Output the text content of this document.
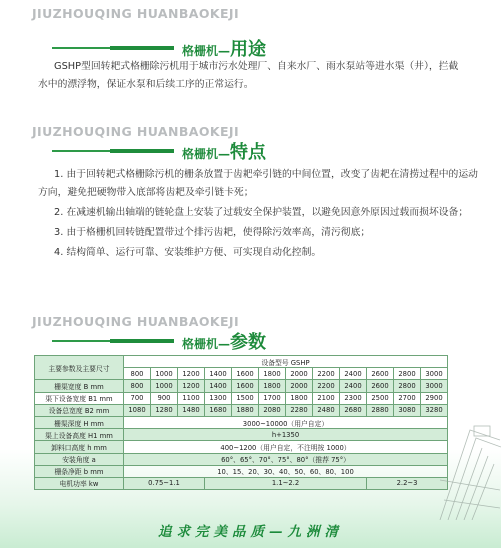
JIUZHOUQING HUANBAOKEJI
格栅机—用途

GSHP型回转耙式格栅除污机用于城市污水处理厂、自来水厂、雨水泵站等进水渠（井），拦截水中的漂浮物，保证水泵和后续工序的正常运行。

JIUZHOUQING HUANBAOKEJI
格栅机—特点

1. 由于回转耙式格栅除污机的栅条放置于齿耙牵引链的中间位置，改变了齿耙在清捞过程中的运动方向，避免把硬物带入底部将齿耙及牵引链卡死；

2. 在减速机输出轴端的链轮盘上安装了过载安全保护装置，以避免因意外原因过载而损坏设备；

3. 由于格栅机回转链配置带过个排污齿耙，使得除污效率高，清污彻底；

4. 结构简单、运行可靠、安装维护方便、可实现自动化控制。

JIUZHOUQING HUANBAOKEJI
格栅机—参数
主要参数及主要尺寸	设备型号 GSHP											
	800	1000	1200	1400	1600	1800	2000	2200	2400	2600	2800	3000
栅渠宽度 B mm	800	1000	1200	1400	1600	1800	2000	2200	2400	2600	2800	3000
渠下设备宽度 B1 mm	700	900	1100	1300	1500	1700	1800	2100	2300	2500	2700	2900
设备总宽度 B2 mm	1080	1280	1480	1680	1880	2080	2280	2480	2680	2880	3080	3280
栅渠深度 H mm	3000~10000（用户自定）											
渠上设备高度 H1 mm	h+1350											
卸料口高度 h mm	400~1200（用户自定，不注明按 1000）											
安装角度 a	60°、65°、70°、75°、80°（推荐 75°）											
栅条净距 b mm	10、15、20、30、40、50、60、80、100											
电机功率 kw	0.75~1.1			1.1~2.2						2.2~3		
追求完美品质—九洲清
